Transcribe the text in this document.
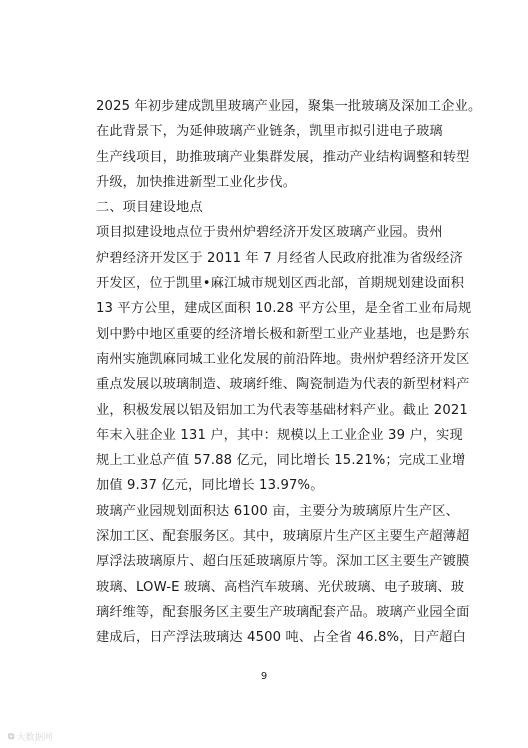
2025 年初步建成凯里玻璃产业园，聚集一批玻璃及深加工企业。
在此背景下，为延伸玻璃产业链条，凯里市拟引进电子玻璃
生产线项目，助推玻璃产业集群发展，推动产业结构调整和转型
升级，加快推进新型工业化步伐。
二、项目建设地点
项目拟建设地点位于贵州炉碧经济开发区玻璃产业园。贵州
炉碧经济开发区于 2011 年 7 月经省人民政府批准为省级经济
开发区，位于凯里•麻江城市规划区西北部，首期规划建设面积
13 平方公里，建成区面积 10.28 平方公里，是全省工业布局规
划中黔中地区重要的经济增长极和新型工业产业基地，也是黔东
南州实施凯麻同城工业化发展的前沿阵地。贵州炉碧经济开发区
重点发展以玻璃制造、玻璃纤维、陶瓷制造为代表的新型材料产
业，积极发展以铝及铝加工为代表等基础材料产业。截止 2021
年末入驻企业 131 户，其中：规模以上工业企业 39 户，实现
规上工业总产值 57.88 亿元，同比增长 15.21%；完成工业增
加值 9.37 亿元，同比增长 13.97%。
玻璃产业园规划面积达 6100 亩，主要分为玻璃原片生产区、
深加工区、配套服务区。其中，玻璃原片生产区主要生产超薄超
厚浮法玻璃原片、超白压延玻璃原片等。深加工区主要生产镀膜
玻璃、LOW-E 玻璃、高档汽车玻璃、光伏玻璃、电子玻璃、玻
璃纤维等，配套服务区主要生产玻璃配套产品。玻璃产业园全面
建成后，日产浮法玻璃达 4500 吨、占全省 46.8%，日产超白
9
⧉ 大数据网
